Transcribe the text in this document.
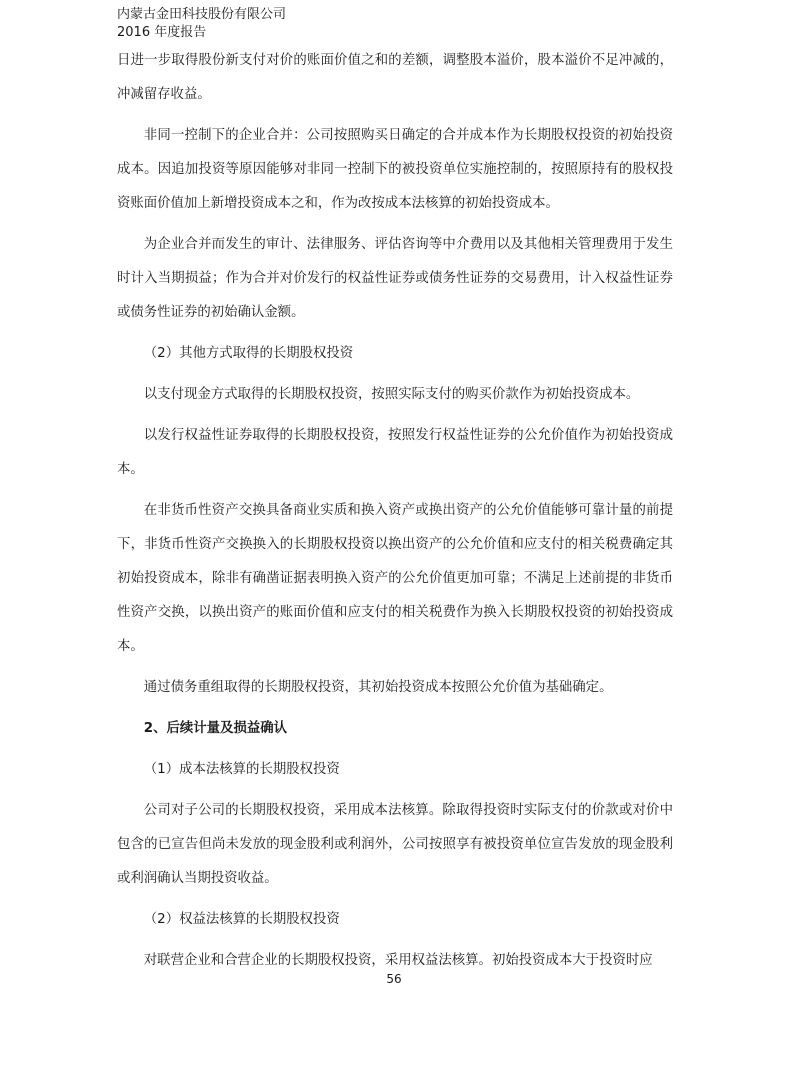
内蒙古金田科技股份有限公司
2016 年度报告

日进一步取得股份新支付对价的账面价值之和的差额，调整股本溢价，股本溢价不足冲减的，冲减留存收益。

非同一控制下的企业合并：公司按照购买日确定的合并成本作为长期股权投资的初始投资成本。因追加投资等原因能够对非同一控制下的被投资单位实施控制的，按照原持有的股权投资账面价值加上新增投资成本之和，作为改按成本法核算的初始投资成本。

为企业合并而发生的审计、法律服务、评估咨询等中介费用以及其他相关管理费用于发生时计入当期损益；作为合并对价发行的权益性证券或债务性证券的交易费用，计入权益性证券或债务性证券的初始确认金额。

（2）其他方式取得的长期股权投资

以支付现金方式取得的长期股权投资，按照实际支付的购买价款作为初始投资成本。

以发行权益性证券取得的长期股权投资，按照发行权益性证券的公允价值作为初始投资成本。

在非货币性资产交换具备商业实质和换入资产或换出资产的公允价值能够可靠计量的前提下，非货币性资产交换换入的长期股权投资以换出资产的公允价值和应支付的相关税费确定其初始投资成本，除非有确凿证据表明换入资产的公允价值更加可靠；不满足上述前提的非货币性资产交换，以换出资产的账面价值和应支付的相关税费作为换入长期股权投资的初始投资成本。

通过债务重组取得的长期股权投资，其初始投资成本按照公允价值为基础确定。

2、后续计量及损益确认

（1）成本法核算的长期股权投资

公司对子公司的长期股权投资，采用成本法核算。除取得投资时实际支付的价款或对价中包含的已宣告但尚未发放的现金股利或利润外，公司按照享有被投资单位宣告发放的现金股利或利润确认当期投资收益。

（2）权益法核算的长期股权投资

对联营企业和合营企业的长期股权投资，采用权益法核算。初始投资成本大于投资时应

56
